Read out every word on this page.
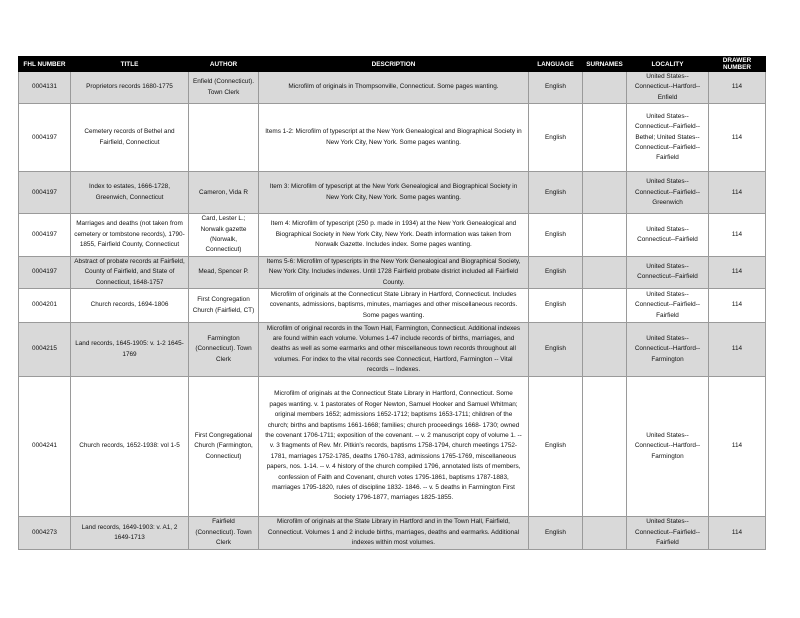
FHL NUMBER	TITLE	AUTHOR	DESCRIPTION	LANGUAGE	SURNAMES	LOCALITY	DRAWER NUMBER
0004131	Proprietors records 1680-1775	Enfield (Connecticut). Town Clerk	Microfilm of originals in Thompsonville, Connecticut. Some pages wanting.	English		United States--Connecticut--Hartford--Enfield	114
0004197	Cemetery records of Bethel and Fairfield, Connecticut		Items 1-2: Microfilm of typescript at the New York Genealogical and Biographical Society in New York City, New York. Some pages wanting.	English		United States--Connecticut--Fairfield--Bethel; United States--Connecticut--Fairfield--Fairfield	114
0004197	Index to estates, 1666-1728, Greenwich, Connecticut	Cameron, Vida R	Item 3: Microfilm of typescript at the New York Genealogical and Biographical Society in New York City, New York. Some pages wanting.	English		United States--Connecticut--Fairfield--Greenwich	114
0004197	Marriages and deaths (not taken from cemetery or tombstone records), 1790-1855, Fairfield County, Connecticut	Card, Lester L.; Norwalk gazette (Norwalk, Connecticut)	Item 4: Microfilm of typescript (250 p. made in 1934) at the New York Genealogical and Biographical Society in New York City, New York. Death information was taken from Norwalk Gazette. Includes index. Some pages wanting.	English		United States--Connecticut--Fairfield	114
0004197	Abstract of probate records at Fairfield, County of Fairfield, and State of Connecticut, 1648-1757	Mead, Spencer P.	Items 5-6: Microfilm of typescripts in the New York Genealogical and Biographical Society, New York City. Includes indexes. Until 1728 Fairfield probate district included all Fairfield County.	English		United States--Connecticut--Fairfield	114
0004201	Church records, 1694-1806	First Congregation Church (Fairfield, CT)	Microfilm of originals at the Connecticut State Library in Hartford, Connecticut. Includes covenants, admissions, baptisms, minutes, marriages and other miscellaneous records. Some pages wanting.	English		United States--Connecticut--Fairfield--Fairfield	114
0004215	Land records, 1645-1905: v. 1-2 1645-1769	Farmington (Connecticut). Town Clerk	Microfilm of original records in the Town Hall, Farmington, Connecticut. Additional indexes are found within each volume. Volumes 1-47 include records of births, marriages, and deaths as well as some earmarks and other miscellaneous town records throughout all volumes. For index to the vital records see Connecticut, Hartford, Farmington -- Vital records -- Indexes.	English		United States--Connecticut--Hartford--Farmington	114
0004241	Church records, 1652-1938: vol 1-5	First Congregational Church (Farmington, Connecticut)	Microfilm of originals at the Connecticut State Library in Hartford, Connecticut. Some pages wanting. v. 1 pastorates of Roger Newton, Samuel Hooker and Samuel Whitman; original members 1652; admissions 1652-1712; baptisms 1653-1711; children of the church; births and baptisms 1661-1668; families; church proceedings 1668- 1730; owned the covenant 1706-1711; exposition of the covenant. -- v. 2 manuscript copy of volume 1. -- v. 3 fragments of Rev. Mr. Pitkin's records, baptisms 1758-1794, church meetings 1752-1781, marriages 1752-1785, deaths 1760-1783, admissions 1765-1769, miscellaneous papers, nos. 1-14. -- v. 4 history of the church compiled 1796, annotated lists of members, confession of Faith and Covenant, church votes 1795-1861, baptisms 1787-1883, marriages 1795-1820, rules of discipline 1832- 1846. -- v. 5 deaths in Farmington First Society 1796-1877, marriages 1825-1855.	English		United States--Connecticut--Hartford--Farmington	114
0004273	Land records, 1649-1903: v. A1, 2 1649-1713	Fairfield (Connecticut). Town Clerk	Microfilm of originals at the State Library in Hartford and in the Town Hall, Fairfield, Connecticut. Volumes 1 and 2 include births, marriages, deaths and earmarks. Additional indexes within most volumes.	English		United States--Connecticut--Fairfield--Fairfield	114
